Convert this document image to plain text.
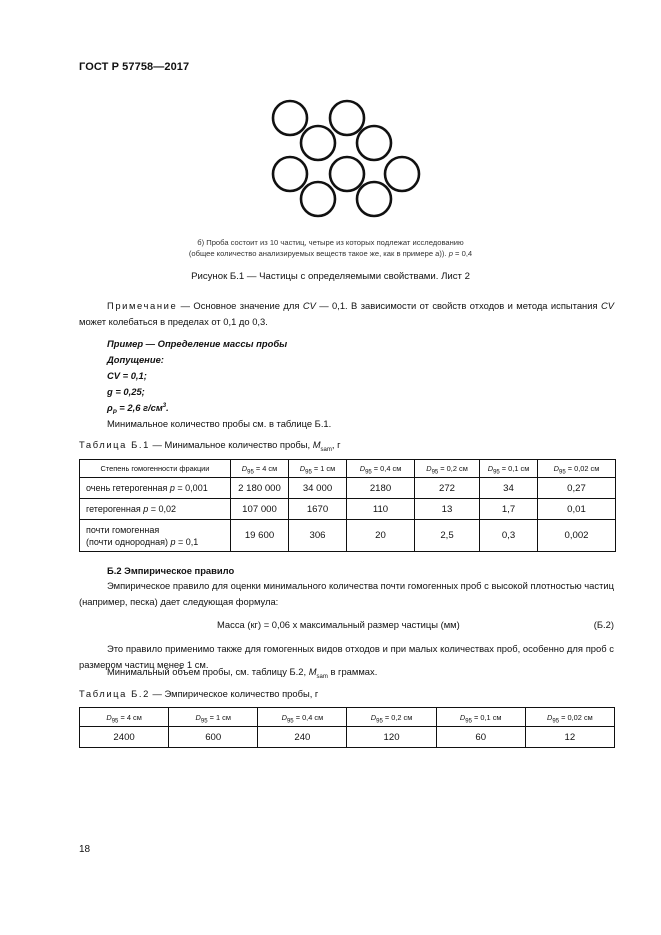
ГОСТ Р 57758—2017
б) Проба состоит из 10 частиц, четыре из которых подлежат исследованию
(общее количество анализируемых веществ такое же, как в примере а)). p = 0,4
Рисунок Б.1 — Частицы с определяемыми свойствами. Лист 2
Примечание — Основное значение для CV — 0,1. В зависимости от свойств отходов и метода испытания CV может колебаться в пределах от 0,1 до 0,3.
Пример — Определение массы пробы
Допущение:
CV = 0,1;
g = 0,25;
$\rho_P = 2,6$ $г/см^3$.
Минимальное количество пробы см. в таблице Б.1.
Таблица Б.1 — Минимальное количество пробы, $M_{sam}$, г
Степень гомогенности фракции	$D_{95} = 4$ см	$D_{95} = 1$ см	$D_{95} = 0,4$ см	$D_{95} = 0,2$ см	$D_{95} = 0,1$ см	$D_{95} = 0,02$ см
очень гетерогенная p = 0,001	2 180 000	34 000	2180	272	34	0,27
гетерогенная p = 0,02	107 000	1670	110	13	1,7	0,01
почти гомогенная
(почти однородная) p = 0,1	19 600	306	20	2,5	0,3	0,002
Б.2 Эмпирическое правило
Эмпирическое правило для оценки минимального количества почти гомогенных проб с высокой плотностью частиц (например, песка) дает следующая формула:
Масса (кг) = 0,06 х максимальный размер частицы (мм)	(Б.2)
Это правило применимо также для гомогенных видов отходов и при малых количествах проб, особенно для проб с размером частиц менее 1 см.
Минимальный объем пробы, см. таблицу Б.2, $M_{sam}$ в граммах.
Таблица Б.2 — Эмпирическое количество пробы, г
$D_{95} = 4$ см	$D_{95} = 1$ см	$D_{95} = 0,4$ см	$D_{95} = 0,2$ см	$D_{95} = 0,1$ см	$D_{95} = 0,02$ см
2400	600	240	120	60	12
18
